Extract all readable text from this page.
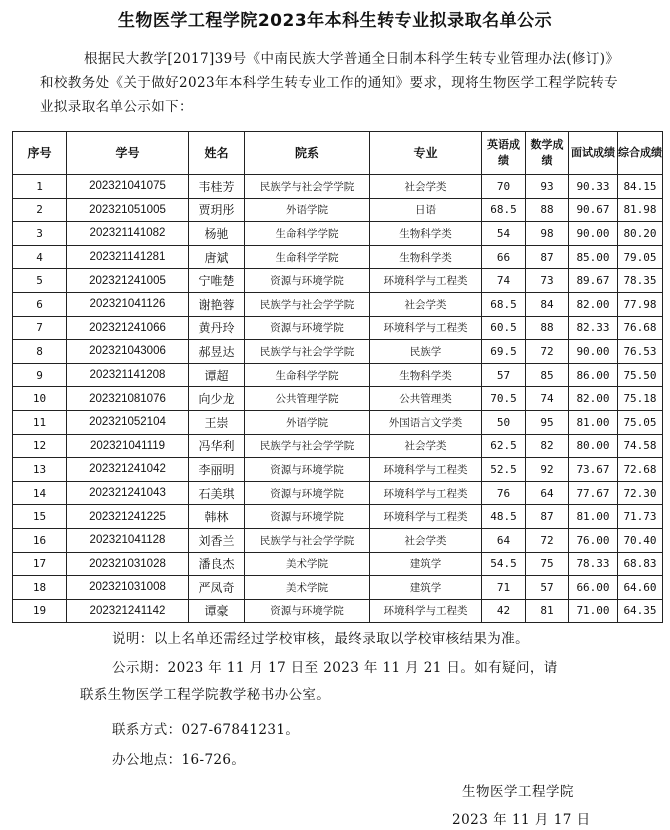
生物医学工程学院2023年本科生转专业拟录取名单公示
根据民大教学[2017]39号《中南民族大学普通全日制本科学生转专业管理办法(修订)》和校教务处《关于做好2023年本科学生转专业工作的通知》要求，现将生物医学工程学院转专业拟录取名单公示如下：
序号	学号	姓名	院系	专业	英语成绩	数学成绩	面试成绩	综合成绩
1	202321041075	韦桂芳	民族学与社会学学院	社会学类	70	93	90.33	84.15
2	202321051005	贾玥彤	外语学院	日语	68.5	88	90.67	81.98
3	202321141082	杨驰	生命科学学院	生物科学类	54	98	90.00	80.20
4	202321141281	唐斌	生命科学学院	生物科学类	66	87	85.00	79.05
5	202321241005	宁唯楚	资源与环境学院	环境科学与工程类	74	73	89.67	78.35
6	202321041126	谢艳蓉	民族学与社会学学院	社会学类	68.5	84	82.00	77.98
7	202321241066	黄丹玲	资源与环境学院	环境科学与工程类	60.5	88	82.33	76.68
8	202321043006	郝昱达	民族学与社会学学院	民族学	69.5	72	90.00	76.53
9	202321141208	谭超	生命科学学院	生物科学类	57	85	86.00	75.50
10	202321081076	向少龙	公共管理学院	公共管理类	70.5	74	82.00	75.18
11	202321052104	王崇	外语学院	外国语言文学类	50	95	81.00	75.05
12	202321041119	冯华利	民族学与社会学学院	社会学类	62.5	82	80.00	74.58
13	202321241042	李丽明	资源与环境学院	环境科学与工程类	52.5	92	73.67	72.68
14	202321241043	石美琪	资源与环境学院	环境科学与工程类	76	64	77.67	72.30
15	202321241225	韩林	资源与环境学院	环境科学与工程类	48.5	87	81.00	71.73
16	202321041128	刘香兰	民族学与社会学学院	社会学类	64	72	76.00	70.40
17	202321031028	潘良杰	美术学院	建筑学	54.5	75	78.33	68.83
18	202321031008	严凤奇	美术学院	建筑学	71	57	66.00	64.60
19	202321241142	谭豪	资源与环境学院	环境科学与工程类	42	81	71.00	64.35
说明：以上名单还需经过学校审核，最终录取以学校审核结果为准。
公示期：2023 年 11 月 17 日至 2023 年 11 月 21 日。如有疑问，请
联系生物医学工程学院教学秘书办公室。
联系方式：027-67841231。
办公地点：16-726。
生物医学工程学院
2023 年 11 月 17 日
